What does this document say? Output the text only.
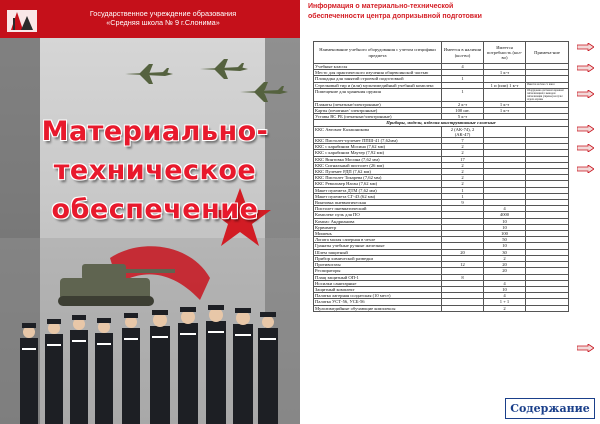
Государственное учреждение образования
«Средняя школа № 9 г.Слонима»
Материально-
техническое
обеспечение
Информация о материально-технической обеспеченности центра допризывной подготовки
Наименование учебного оборудования с учетом специфики предмета	Имеется в наличии (кол-во)	Имеется потребность (кол-во)	Примеча-ние
Учебные классы	4		
Место для практического изучения общевоинской частью		1 к-т	
Площадка для занятий строевой подготовкой	1		
Стрелковый тир и (или) мультимедийный учебный комплекс		1 и (или) 1 к-т	Имеется на базе ст. школ
Помещение для хранения оружия	1		Оборудовано системой охранной сигнализацией с выводом сигнализации (сирены) на пульт отдела охраны
Плакаты (печатные/электронные)	2 к-т	1 к-т	
Карты (печатные/ электронные)	100 шт.	1 к-т	
Уставы ВС РБ (печатные/электронные)	5 к-т		
Приборы, модели, изделия конструктивные сложные			
ККС Автомат Калашникова	2 (АК-74), 2 (АК-47)		
ККС Пистолет-пулемет ППШ-41 (7,62мм)	7		
ККС с карабином Мосина (7,62 мм)	2		
ККС с карабином Маузер (7,92 мм)	2		
ККС Винтовка Мосина (7,62 мм)	17		
ККС Сигнальный пистолет (26 мм)	2		
ККС Пулемет РДП (7,62 мм)	2		
ККС Пистолет Токарева (7,62 мм)	2		
ККС Револьвер Наган (7,62 мм)	2		
Макет пулемета ДТМ (7,62 мм)	1		
Макет пулемета СГ-43 (62 мм)	1		
Винтовка пневматическая	9		
Пистолет пневматический		4	
Комплект пуль для ПО		4000	
Компас Андрианова		10	
Курвиметр		10	
Мишень		100	
Лопата малая саперная в чехле		50	
Гранаты учебные ручные железные		10	
Шлем защитный	20	30	
Прибор химической разведки		2	
Противогазы	12	20	
Респираторы		20	
Плащ защитный ОП-1	8		
Носилки санитарные		4	
Защитный комплект		10	
Палатка лагерная солдатская (10 мест)		4	
Палатка УСТ-56, УСБ-56		1 + 1	
Мультимедийные обучающие комплексы		2	
Содержание
